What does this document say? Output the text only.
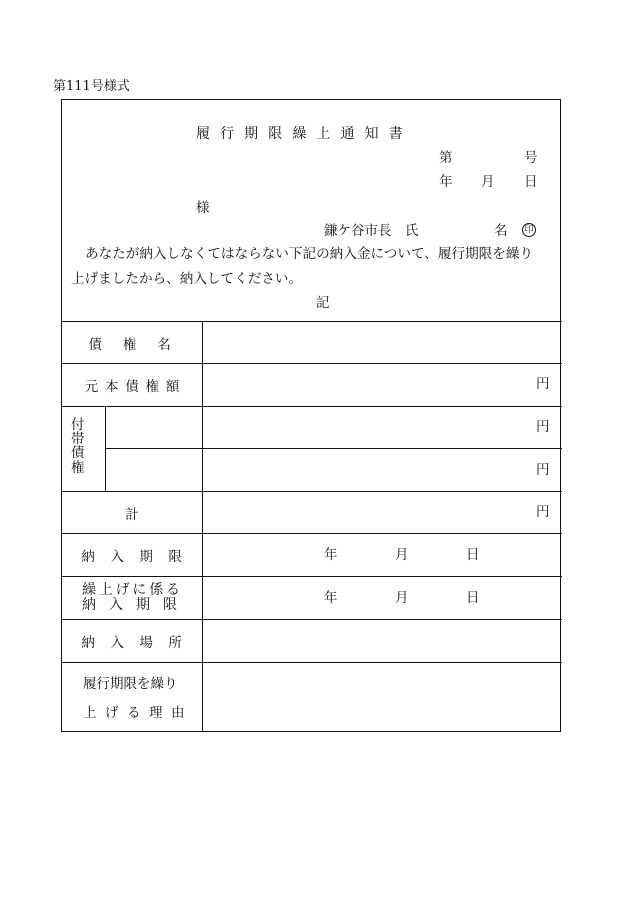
第111号様式
履行期限繰上通知書
第	号
年 月 日
様
鎌ケ谷市長　氏	名 印
あなたが納入しなくてはならない下記の納入金について、履行期限を繰り
上げましたから、納入してください。
記
債権名
元本債権額	円
付帯債権
円
円
計	円
納入期限	年	月	日
繰上げに係る
納入期限	年	月	日
納入場所
履行期限を繰り
上げる理由
